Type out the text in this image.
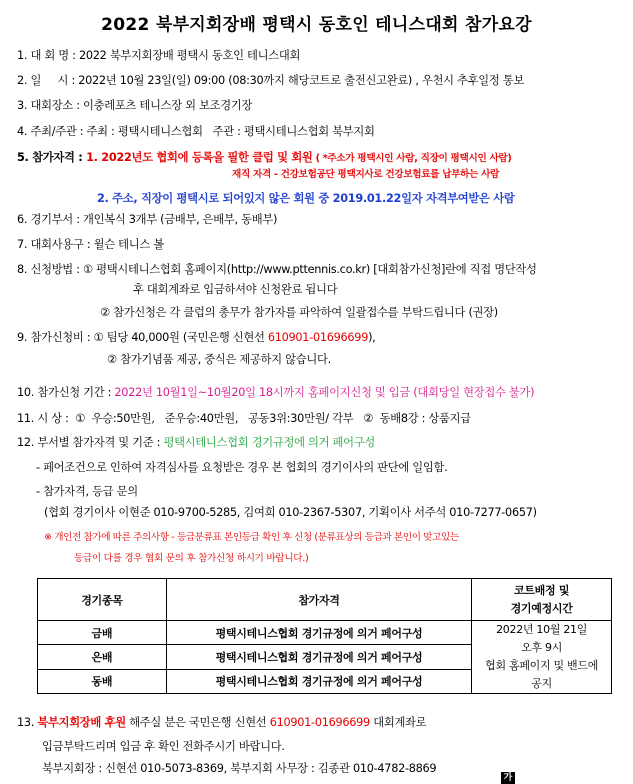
2022 북부지회장배 평택시 동호인 테니스대회 참가요강
1. 대 회 명 : 2022 북부지회장배 평택시 동호인 테니스대회
2. 일     시 : 2022년 10월 23일(일) 09:00 (08:30까지 해당코트로 출전신고완료) , 우천시 추후일정 통보
3. 대회장소 : 이충레포츠 테니스장 외 보조경기장
4. 주최/주관 : 주최 : 평택시테니스협회   주관 : 평택시테니스협회 북부지회
5. 참가자격 : 1. 2022년도 협회에 등록을 필한 클럽 및 회원 ( *주소가 평택시인 사람, 직장이 평택시인 사람)
재직 자격 - 건강보험공단 평택지사로 건강보험료를 납부하는 사람
2. 주소, 직장이 평택시로 되어있지 않은 회원 중 2019.01.22일자 자격부여받은 사람
6. 경기부서 : 개인복식 3개부 (금배부, 은배부, 동배부)
7. 대회사용구 : 윌슨 테니스 볼
8. 신청방법 : ① 평택시테니스협회 홈페이지(http://www.pttennis.co.kr) [대회참가신청]란에 직접 명단작성
후 대회계좌로 입금하셔야 신청완료 됩니다
② 참가신청은 각 클럽의 총무가 참가자를 파악하여 일괄접수를 부탁드립니다 (권장)
9. 참가신청비 : ① 팀당 40,000원 (국민은행 신현선 610901-01696699),
② 참가기념품 제공, 중식은 제공하지 않습니다.
10. 참가신청 기간 : 2022년 10월1일~10월20일 18시까지 홈페이지신청 및 입금 (대회당일 현장접수 불가)
11. 시 상 :  ①  우승:50만원,   준우승:40만원,   공동3위:30만원/ 각부   ②  동배8강 : 상품지급
12. 부서별 참가자격 및 기준 : 평택시테니스협회 경기규정에 의거 페어구성
- 페어조건으로 인하여 자격심사를 요청받은 경우 본 협회의 경기이사의 판단에 일임함.
- 참가자격, 등급 문의
(협회 경기이사 이현준 010-9700-5285, 김여희 010-2367-5307, 기획이사 서주석 010-7277-0657)
※ 개인전 참가에 따른 주의사항 - 등급분류표 본인등급 확인 후 신청 (분류표상의 등급과 본인이 맞고있는
등급이 다를 경우 협회 문의 후 참가신청 하시기 바랍니다.)
경기종목	참가자격	코트배정 및
경기예정시간

금배	평택시테니스협회 경기규정에 의거 페어구성	2022년 10월 21일
오후 9시
협회 홈페이지 및 밴드에
공지

은배	평택시테니스협회 경기규정에 의거 페어구성	
동배	평택시테니스협회 경기규정에 의거 페어구성	
13. 북부지회장배 후원 해주실 분은 국민은행 신현선 610901-01696699 대회계좌로
입금부탁드리며 입금 후 확인 전화주시기 바랍니다.
북부지회장 : 신현선 010-5073-8369, 북부지회 사무장 : 김종관 010-4782-8869
가
